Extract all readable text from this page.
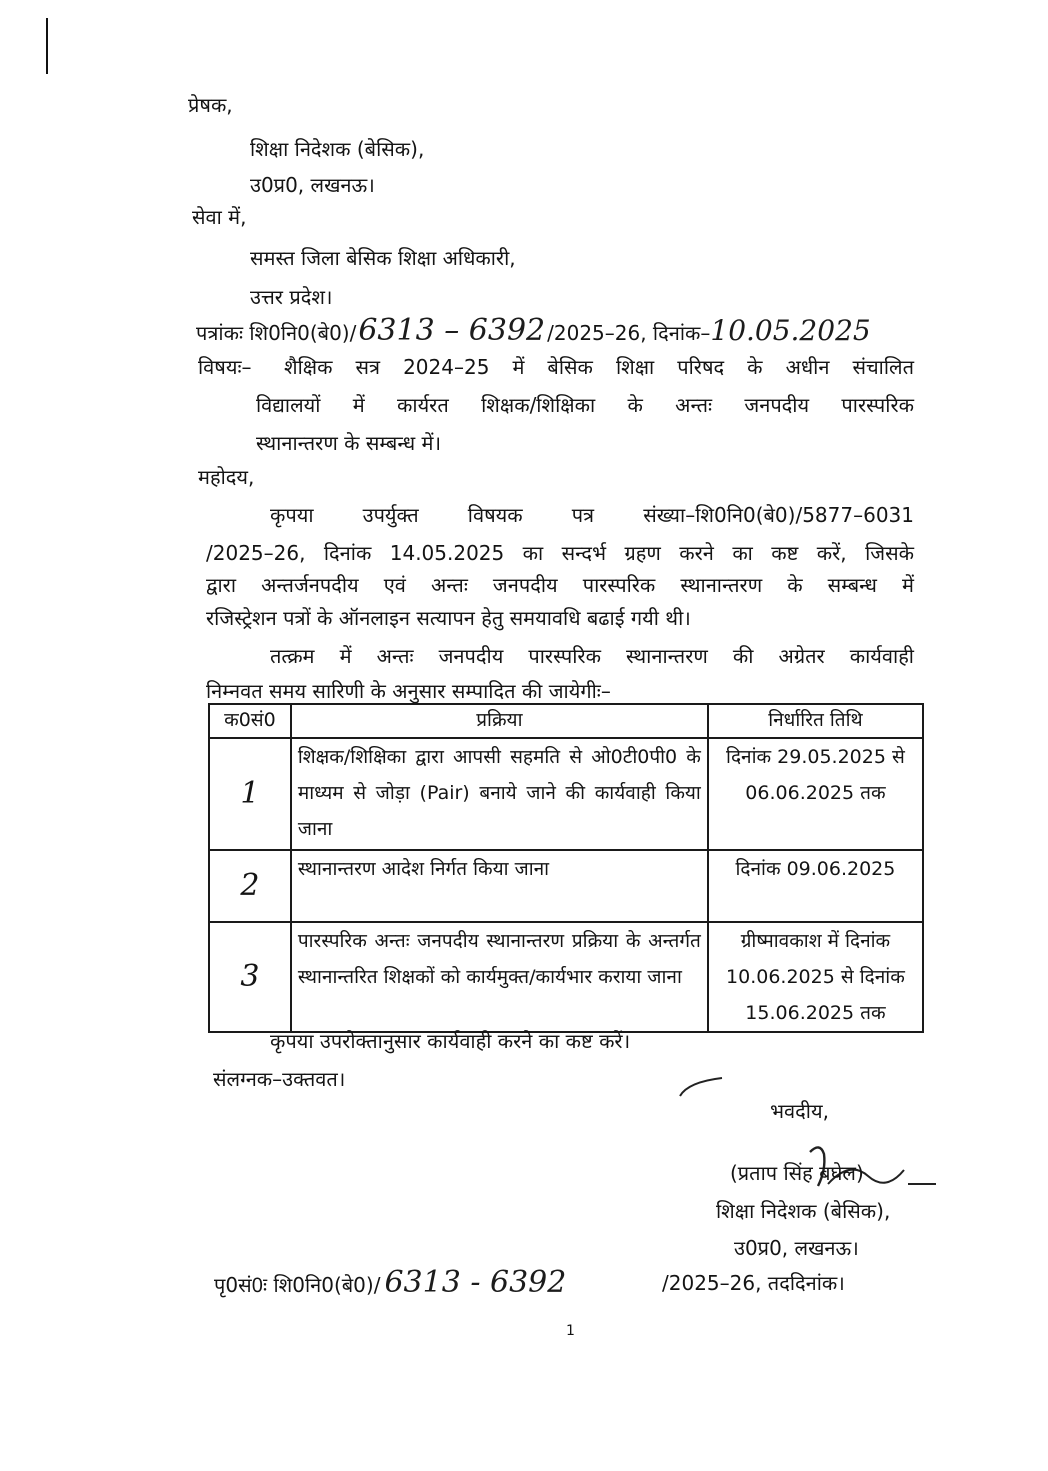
प्रेषक,
शिक्षा निदेशक (बेसिक),
उ0प्र0, लखनऊ।
सेवा में,
समस्त जिला बेसिक शिक्षा अधिकारी,
उत्तर प्रदेश।
पत्रांकः शि0नि0(बे0)/6313 – 6392 /2025–26, दिनांक–10.05.2025
विषयः– शैक्षिक सत्र 2024–25 में बेसिक शिक्षा परिषद के अधीन संचालित
विद्यालयों में कार्यरत शिक्षक/शिक्षिका के अन्तः जनपदीय पारस्परिक
स्थानान्तरण के सम्बन्ध में।
महोदय,
कृपया उपर्युक्त विषयक पत्र संख्या–शि0नि0(बे0)/5877–6031
/2025–26, दिनांक 14.05.2025 का सन्दर्भ ग्रहण करने का कष्ट करें, जिसके
द्वारा अन्तर्जनपदीय एवं अन्तः जनपदीय पारस्परिक स्थानान्तरण के सम्बन्ध में
रजिस्ट्रेशन पत्रों के ऑनलाइन सत्यापन हेतु समयावधि बढाई गयी थी।
तत्क्रम में अन्तः जनपदीय पारस्परिक स्थानान्तरण की अग्रेतर कार्यवाही
निम्नवत समय सारिणी के अनुसार सम्पादित की जायेगीः–
क0सं0	प्रक्रिया	निर्धारित तिथि

1	शिक्षक/शिक्षिका द्वारा आपसी सहमति से ओ0टी0पी0 के माध्यम से जोड़ा (Pair) बनाये जाने की कार्यवाही किया जाना	दिनांक 29.05.2025 से 06.06.2025 तक

2	स्थानान्तरण आदेश निर्गत किया जाना	दिनांक 09.06.2025

3	पारस्परिक अन्तः जनपदीय स्थानान्तरण प्रक्रिया के अन्तर्गत स्थानान्तरित शिक्षकों को कार्यमुक्त/कार्यभार कराया जाना	ग्रीष्मावकाश में दिनांक 10.06.2025 से दिनांक 15.06.2025 तक
कृपया उपरोक्तानुसार कार्यवाही करने का कष्ट करें।
संलग्नक–उक्तवत।
भवदीय,
(प्रताप सिंह बघेल)
शिक्षा निदेशक (बेसिक),
उ0प्र0, लखनऊ।
पृ0सं0ः शि0नि0(बे0)/ 6313 - 6392	/2025–26, तददिनांक।
1
